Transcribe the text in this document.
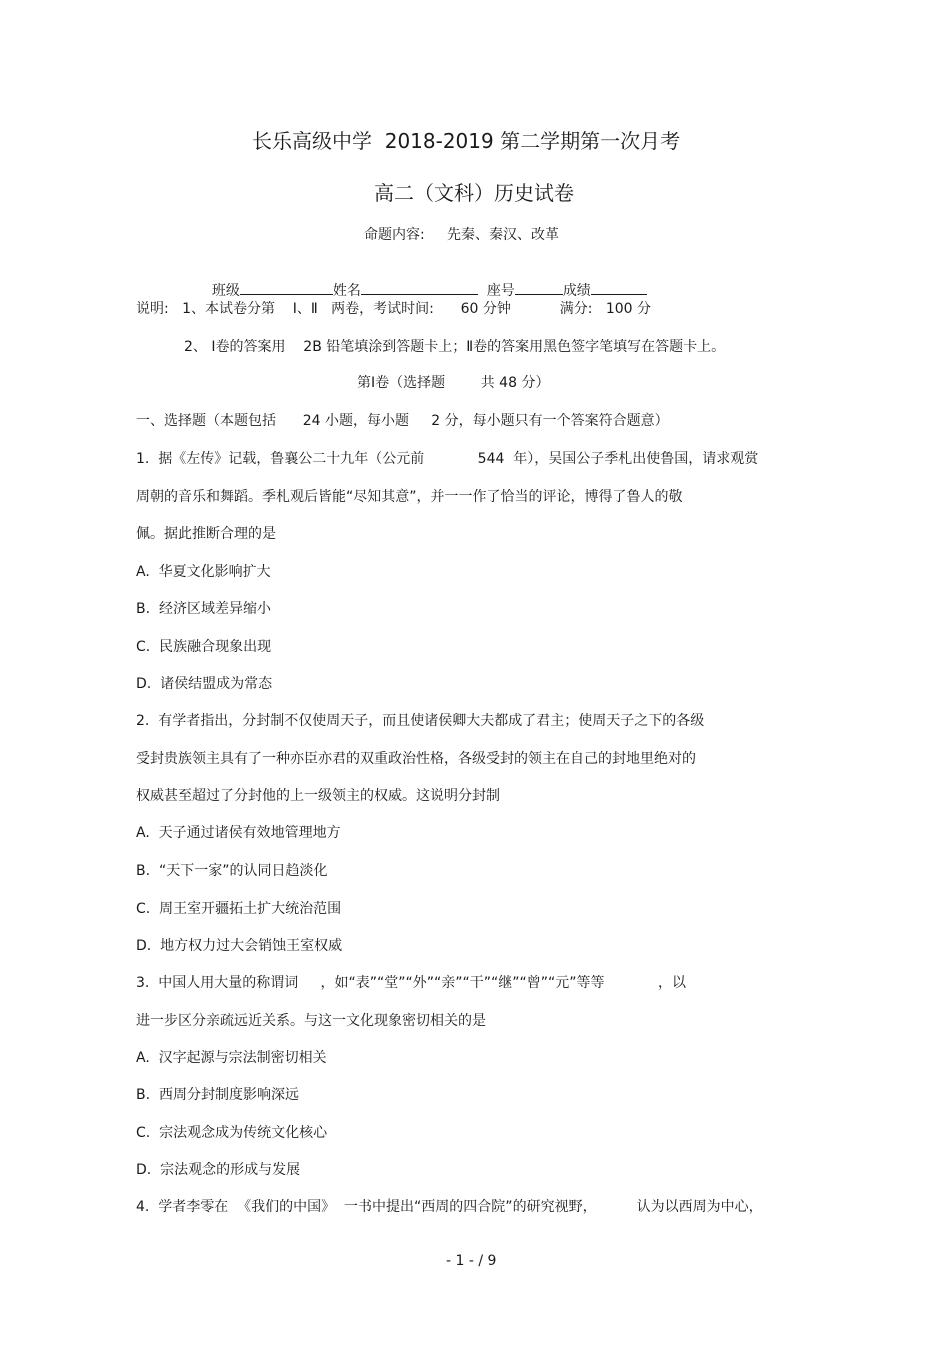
长乐高级中学  2018-2019 第二学期第一次月考
高二（文科）历史试卷
命题内容:     先秦、秦汉、改革

班级	姓名	座号	成绩

说明:   1、本试卷分第    Ⅰ、Ⅱ   两卷，考试时间:      60 分钟           满分:   100 分
2、 Ⅰ卷的答案用    2B 铅笔填涂到答题卡上；Ⅱ卷的答案用黑色签字笔填写在答题卡上。
第Ⅰ卷（选择题        共 48 分）
一、选择题（本题包括      24 小题，每小题     2 分，每小题只有一个答案符合题意）
1.  据《左传》记载，鲁襄公二十九年（公元前            544  年），吴国公子季札出使鲁国，请求观赏
周朝的音乐和舞蹈。季札观后皆能“尽知其意”，并一一作了恰当的评论，博得了鲁人的敬
佩。据此推断合理的是
A.  华夏文化影响扩大
B.  经济区域差异缩小
C.  民族融合现象出现
D.  诸侯结盟成为常态
2.  有学者指出，分封制不仅使周天子，而且使诸侯卿大夫都成了君主；使周天子之下的各级
受封贵族领主具有了一种亦臣亦君的双重政治性格，各级受封的领主在自己的封地里绝对的
权威甚至超过了分封他的上一级领主的权威。这说明分封制
A.  天子通过诸侯有效地管理地方
B.  “天下一家”的认同日趋淡化
C.  周王室开疆拓土扩大统治范围
D.  地方权力过大会销蚀王室权威
3.  中国人用大量的称谓词     ，如“表”“堂”“外”“亲”“干”“继”“曾”“元”等等            ，以
进一步区分亲疏远近关系。与这一文化现象密切相关的是
A.  汉字起源与宗法制密切相关
B.  西周分封制度影响深远
C.  宗法观念成为传统文化核心
D.  宗法观念的形成与发展
4.  学者李零在  《我们的中国》  一书中提出“西周的四合院”的研究视野，         认为以西周为中心，
- 1 - / 9
